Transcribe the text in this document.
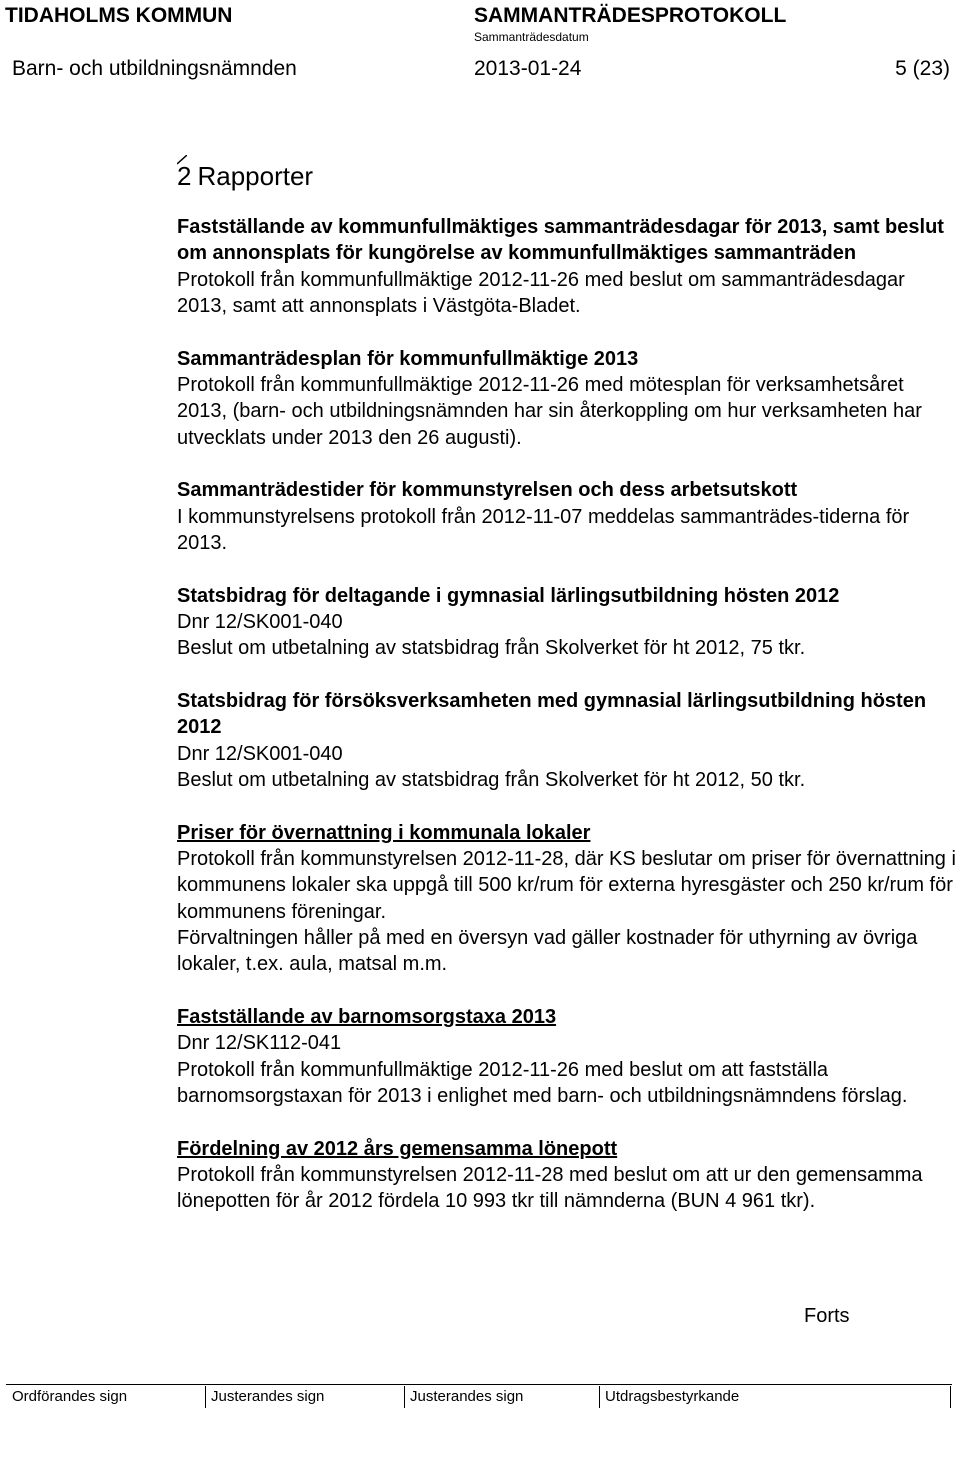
TIDAHOLMS KOMMUN	SAMMANTRÄDESPROTOKOLL
Sammanträdesdatum
Barn- och utbildningsnämnden	2013-01-24	5 (23)
2 Rapporter
Fastställande av kommunfullmäktiges sammanträdesdagar för 2013, samt beslut om annonsplats för kungörelse av kommunfullmäktiges sammanträden

Protokoll från kommunfullmäktige 2012-11-26 med beslut om sammanträdesdagar 2013, samt att annonsplats i Västgöta-Bladet.

Sammanträdesplan för kommunfullmäktige 2013

Protokoll från kommunfullmäktige 2012-11-26 med mötesplan för verksamhetsåret 2013, (barn- och utbildningsnämnden har sin återkoppling om hur verksamheten har utvecklats under 2013 den 26 augusti).

Sammanträdestider för kommunstyrelsen och dess arbetsutskott

I kommunstyrelsens protokoll från 2012-11-07 meddelas sammanträdes-tiderna för 2013.

Statsbidrag för deltagande i gymnasial lärlingsutbildning hösten 2012

Dnr 12/SK001-040

Beslut om utbetalning av statsbidrag från Skolverket för ht 2012, 75 tkr.

Statsbidrag för försöksverksamheten med gymnasial lärlingsutbildning hösten 2012

Dnr 12/SK001-040

Beslut om utbetalning av statsbidrag från Skolverket för ht 2012, 50 tkr.

Priser för övernattning i kommunala lokaler

Protokoll från kommunstyrelsen 2012-11-28, där KS beslutar om priser för övernattning i kommunens lokaler ska uppgå till 500 kr/rum för externa hyresgäster och 250 kr/rum för kommunens föreningar.

Förvaltningen håller på med en översyn vad gäller kostnader för uthyrning av övriga lokaler, t.ex. aula, matsal m.m.

Fastställande av barnomsorgstaxa 2013

Dnr 12/SK112-041

Protokoll från kommunfullmäktige 2012-11-26 med beslut om att fastställa barnomsorgstaxan för 2013 i enlighet med barn- och utbildningsnämndens förslag.

Fördelning av 2012 års gemensamma lönepott

Protokoll från kommunstyrelsen 2012-11-28 med beslut om att ur den gemensamma lönepotten för år 2012 fördela 10 993 tkr till nämnderna (BUN 4 961 tkr).

Forts
Ordförandes sign	Justerandes sign	Justerandes sign	Utdragsbestyrkande
